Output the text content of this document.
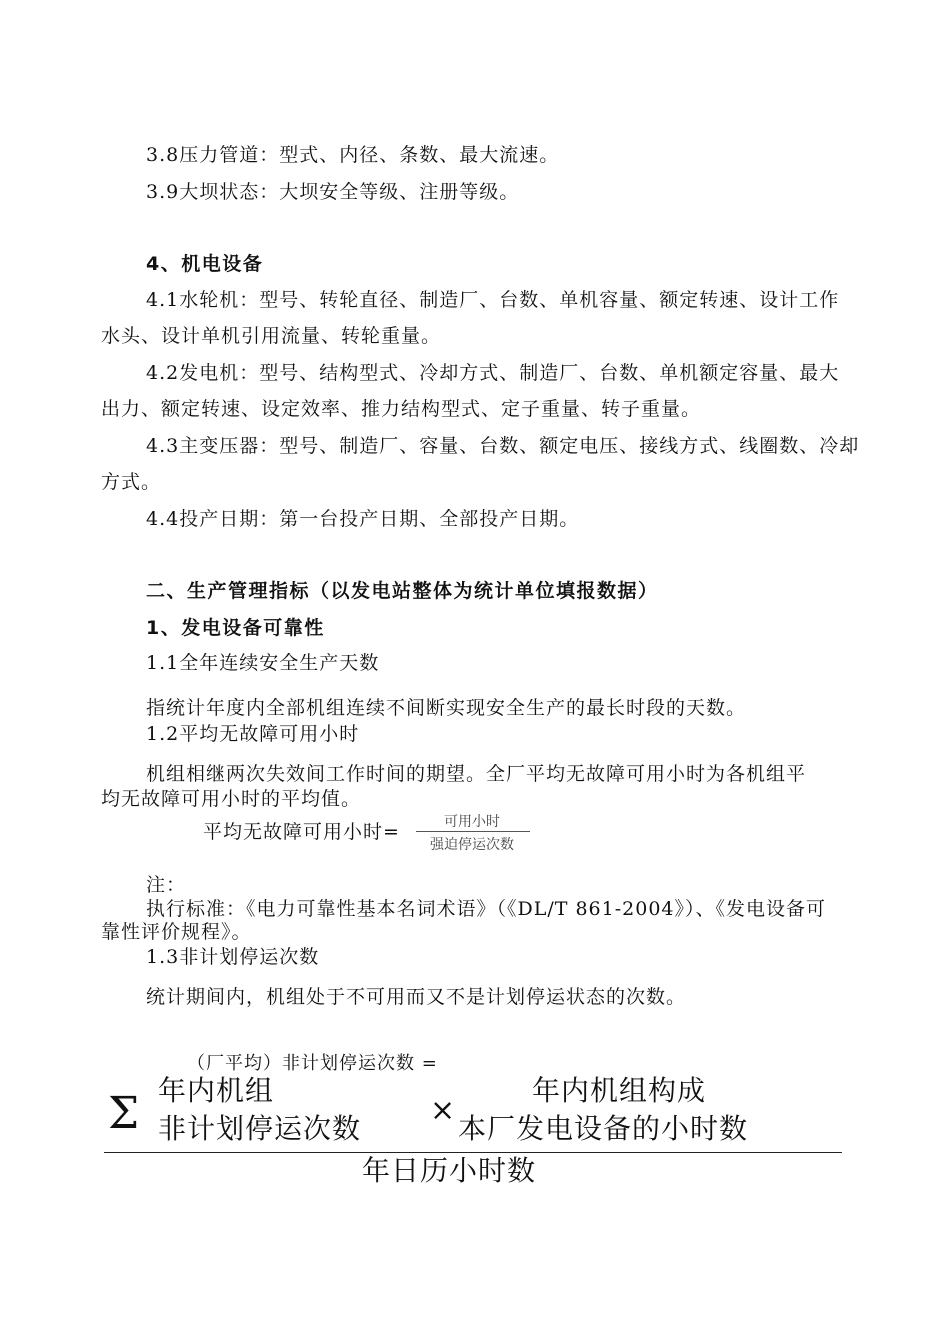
3.8压力管道：型式、内径、条数、最大流速。
3.9大坝状态：大坝安全等级、注册等级。
4、机电设备
4.1水轮机：型号、转轮直径、制造厂、台数、单机容量、额定转速、设计工作
水头、设计单机引用流量、转轮重量。
4.2发电机：型号、结构型式、冷却方式、制造厂、台数、单机额定容量、最大
出力、额定转速、设定效率、推力结构型式、定子重量、转子重量。
4.3主变压器：型号、制造厂、容量、台数、额定电压、接线方式、线圈数、冷却
方式。
4.4投产日期：第一台投产日期、全部投产日期。
二、生产管理指标（以发电站整体为统计单位填报数据）
1、发电设备可靠性
1.1全年连续安全生产天数
指统计年度内全部机组连续不间断实现安全生产的最长时段的天数。
1.2平均无故障可用小时
机组相继两次失效间工作时间的期望。全厂平均无故障可用小时为各机组平
均无故障可用小时的平均值。
平均无故障可用小时=	可用小时
强迫停运次数
注：
执行标准：《电力可靠性基本名词术语》（《DL/T 861-2004》）、《发电设备可
靠性评价规程》。
1.3非计划停运次数
统计期间内，机组处于不可用而又不是计划停运状态的次数。
（厂平均）非计划停运次数 =
Σ 年内机组
非计划停运次数
×
年内机组构成
本厂发电设备的小时数
年日历小时数
